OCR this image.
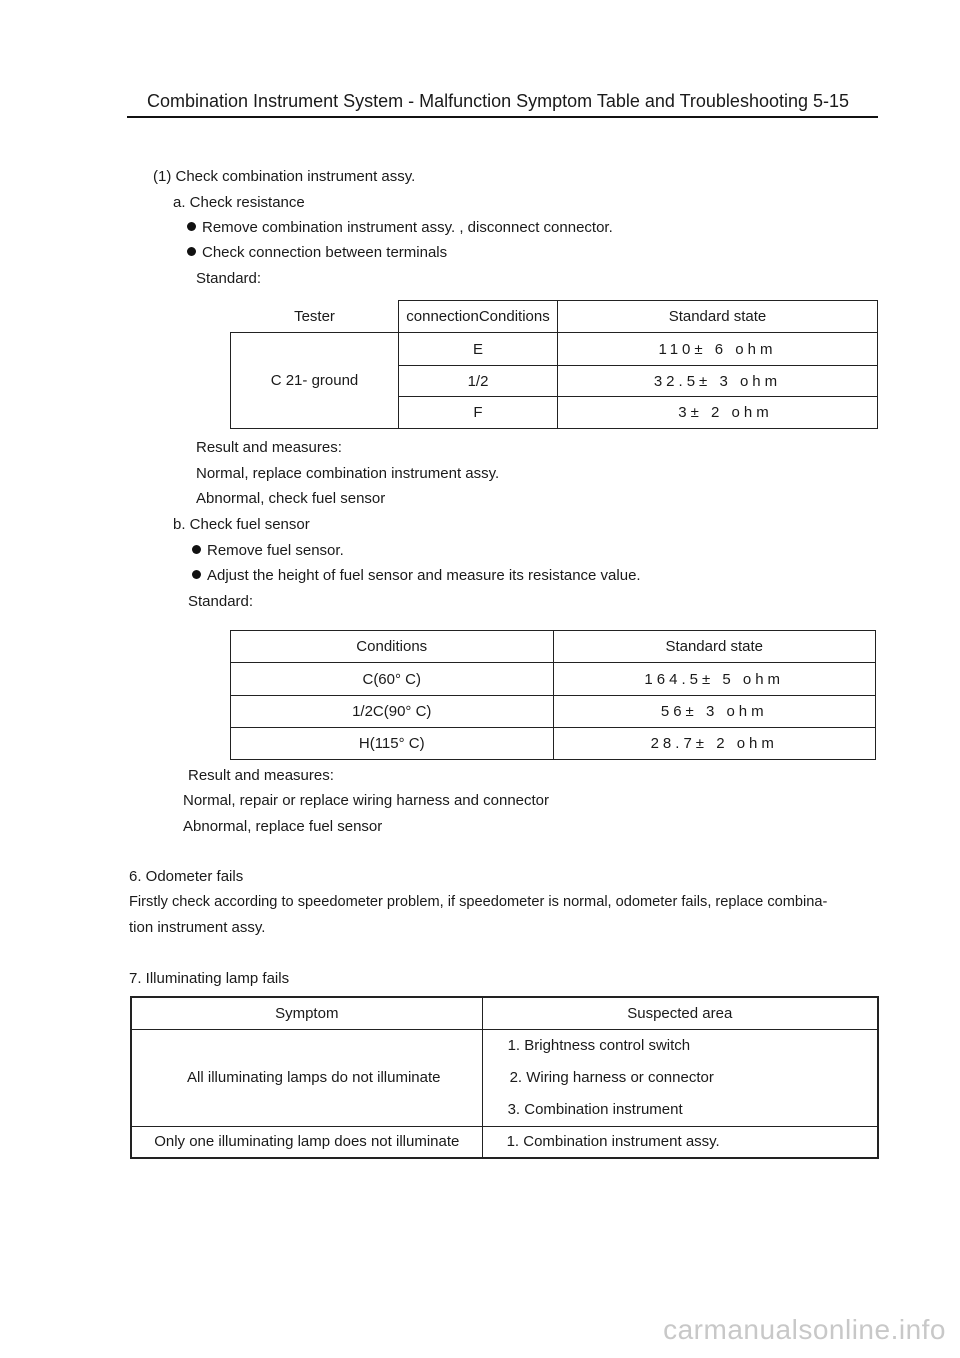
Combination Instrument System - Malfunction Symptom Table and Troubleshooting 5-15
(1) Check combination instrument assy.
a. Check resistance
Remove combination instrument assy. , disconnect connector.
Check connection between terminals
Standard:
Tester	connectionConditions	Standard state
C 21- ground	E	110± 6 ohm
	1/2	32.5± 3 ohm
	F	3± 2 ohm
Result and measures:
Normal, replace combination instrument assy.
Abnormal, check fuel sensor
b. Check fuel sensor
Remove fuel sensor.
Adjust the height of fuel sensor and measure its resistance value.
Standard:
Conditions	Standard state
C(60° C)	164.5± 5 ohm
1/2C(90° C)	56± 3 ohm
H(115° C)	28.7± 2 ohm
Result and measures:
Normal, repair or replace wiring harness and connector
Abnormal, replace fuel sensor
6. Odometer fails
Firstly check according to speedometer problem, if speedometer is normal, odometer fails, replace combina-
tion instrument assy.
7. Illuminating lamp fails
Symptom	Suspected area
All illuminating lamps do not illuminate	1. Brightness control switch
2. Wiring harness or connector
3. Combination instrument

Only one illuminating lamp does not illuminate	1. Combination instrument assy.
carmanualsonline.info
